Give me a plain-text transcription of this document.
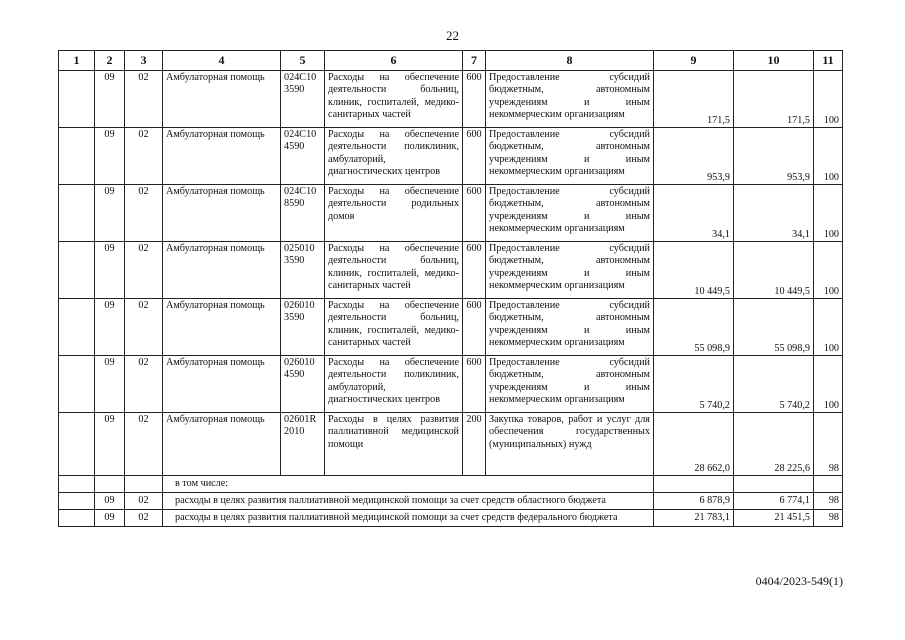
22
1	2	3	4	5	6	7	8	9	10	11
	09	02	Амбулаторная помощь	024С10 3590	Расходы на обеспечение деятельности больниц, клиник, госпиталей, медико-санитарных частей	600	Предоставление субсидий бюджетным, автономным учреждениям и иным некоммерческим организациям	171,5	171,5	100
	09	02	Амбулаторная помощь	024С10 4590	Расходы на обеспечение деятельности поликлиник, амбулаторий, диагностических центров	600	Предоставление субсидий бюджетным, автономным учреждениям и иным некоммерческим организациям	953,9	953,9	100
	09	02	Амбулаторная помощь	024С10 8590	Расходы на обеспечение деятельности родильных домов	600	Предоставление субсидий бюджетным, автономным учреждениям и иным некоммерческим организациям	34,1	34,1	100
	09	02	Амбулаторная помощь	025010 3590	Расходы на обеспечение деятельности больниц, клиник, госпиталей, медико-санитарных частей	600	Предоставление субсидий бюджетным, автономным учреждениям и иным некоммерческим организациям	10 449,5	10 449,5	100
	09	02	Амбулаторная помощь	026010 3590	Расходы на обеспечение деятельности больниц, клиник, госпиталей, медико-санитарных частей	600	Предоставление субсидий бюджетным, автономным учреждениям и иным некоммерческим организациям	55 098,9	55 098,9	100
	09	02	Амбулаторная помощь	026010 4590	Расходы на обеспечение деятельности поликлиник, амбулаторий, диагностических центров	600	Предоставление субсидий бюджетным, автономным учреждениям и иным некоммерческим организациям	5 740,2	5 740,2	100
	09	02	Амбулаторная помощь	02601R 2010	Расходы в целях развития паллиативной медицинской помощи	200	Закупка товаров, работ и услуг для обеспечения государственных (муниципальных) нужд	28 662,0	28 225,6	98
			в том числе:							
	09	02	расходы в целях развития паллиативной медицинской помощи за счет средств областного бюджета					6 878,9	6 774,1	98
	09	02	расходы в целях развития паллиативной медицинской помощи за счет средств федерального бюджета					21 783,1	21 451,5	98
0404/2023-549(1)
